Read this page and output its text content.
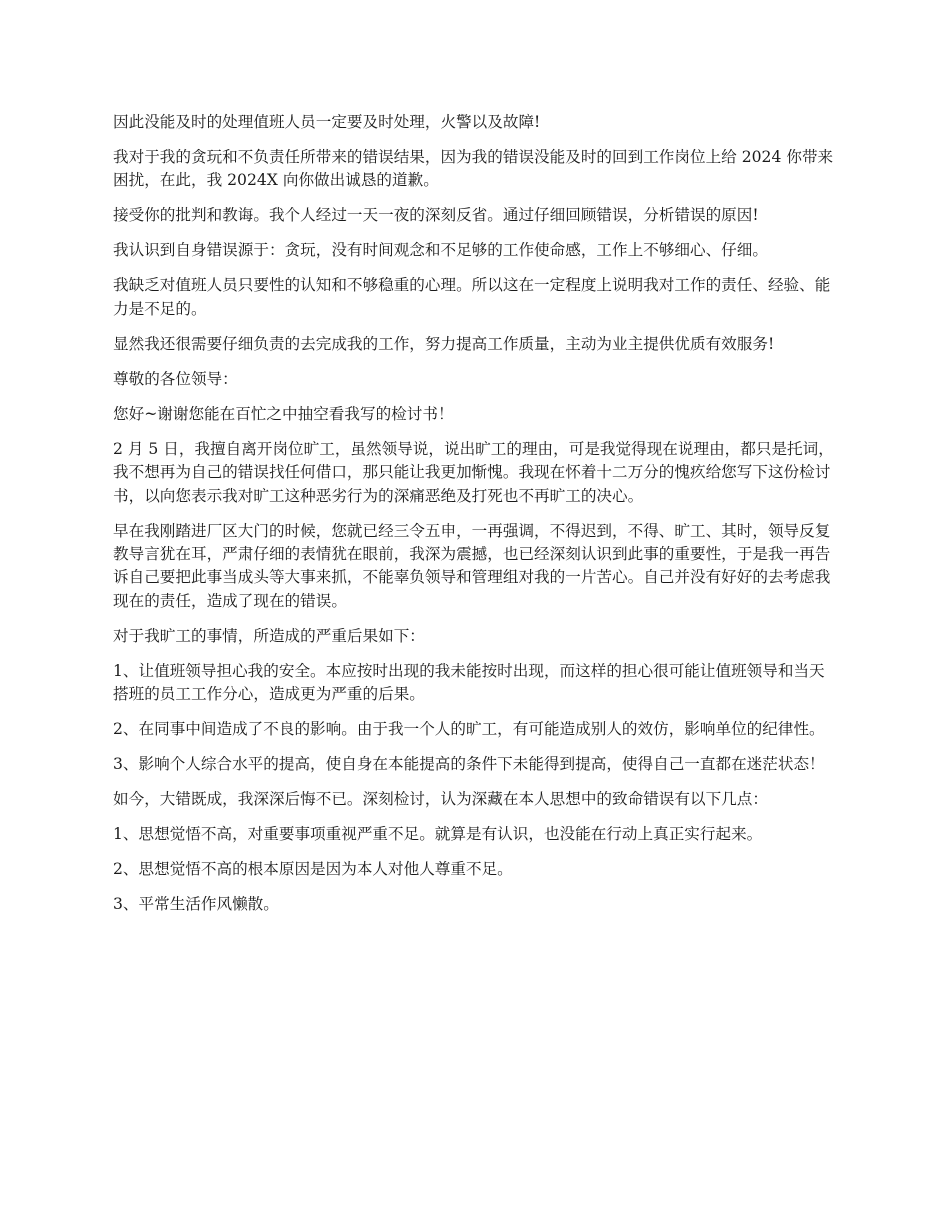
因此没能及时的处理值班人员一定要及时处理，火警以及故障!

我对于我的贪玩和不负责任所带来的错误结果，因为我的错误没能及时的回到工作岗位上给 2024 你带来困扰，在此，我 2024X 向你做出诚恳的道歉。

接受你的批判和教诲。我个人经过一天一夜的深刻反省。通过仔细回顾错误，分析错误的原因!

我认识到自身错误源于：贪玩，没有时间观念和不足够的工作使命感，工作上不够细心、仔细。

我缺乏对值班人员只要性的认知和不够稳重的心理。所以这在一定程度上说明我对工作的责任、经验、能力是不足的。

显然我还很需要仔细负责的去完成我的工作，努力提高工作质量，主动为业主提供优质有效服务!

尊敬的各位领导：

您好~谢谢您能在百忙之中抽空看我写的检讨书！

2 月 5 日，我擅自离开岗位旷工，虽然领导说，说出旷工的理由，可是我觉得现在说理由，都只是托词，我不想再为自己的错误找任何借口，那只能让我更加惭愧。我现在怀着十二万分的愧疚给您写下这份检讨书，以向您表示我对旷工这种恶劣行为的深痛恶绝及打死也不再旷工的决心。

早在我刚踏进厂区大门的时候，您就已经三令五申，一再强调，不得迟到，不得、旷工、其时，领导反复教导言犹在耳，严肃仔细的表情犹在眼前，我深为震撼，也已经深刻认识到此事的重要性，于是我一再告诉自己要把此事当成头等大事来抓，不能辜负领导和管理组对我的一片苦心。自己并没有好好的去考虑我现在的责任，造成了现在的错误。

对于我旷工的事情，所造成的严重后果如下：

1、让值班领导担心我的安全。本应按时出现的我未能按时出现，而这样的担心很可能让值班领导和当天搭班的员工工作分心，造成更为严重的后果。

2、在同事中间造成了不良的影响。由于我一个人的旷工，有可能造成别人的效仿，影响单位的纪律性。

3、影响个人综合水平的提高，使自身在本能提高的条件下未能得到提高，使得自己一直都在迷茫状态！

如今，大错既成，我深深后悔不已。深刻检讨，认为深藏在本人思想中的致命错误有以下几点：

1、思想觉悟不高，对重要事项重视严重不足。就算是有认识，也没能在行动上真正实行起来。

2、思想觉悟不高的根本原因是因为本人对他人尊重不足。

3、平常生活作风懒散。
